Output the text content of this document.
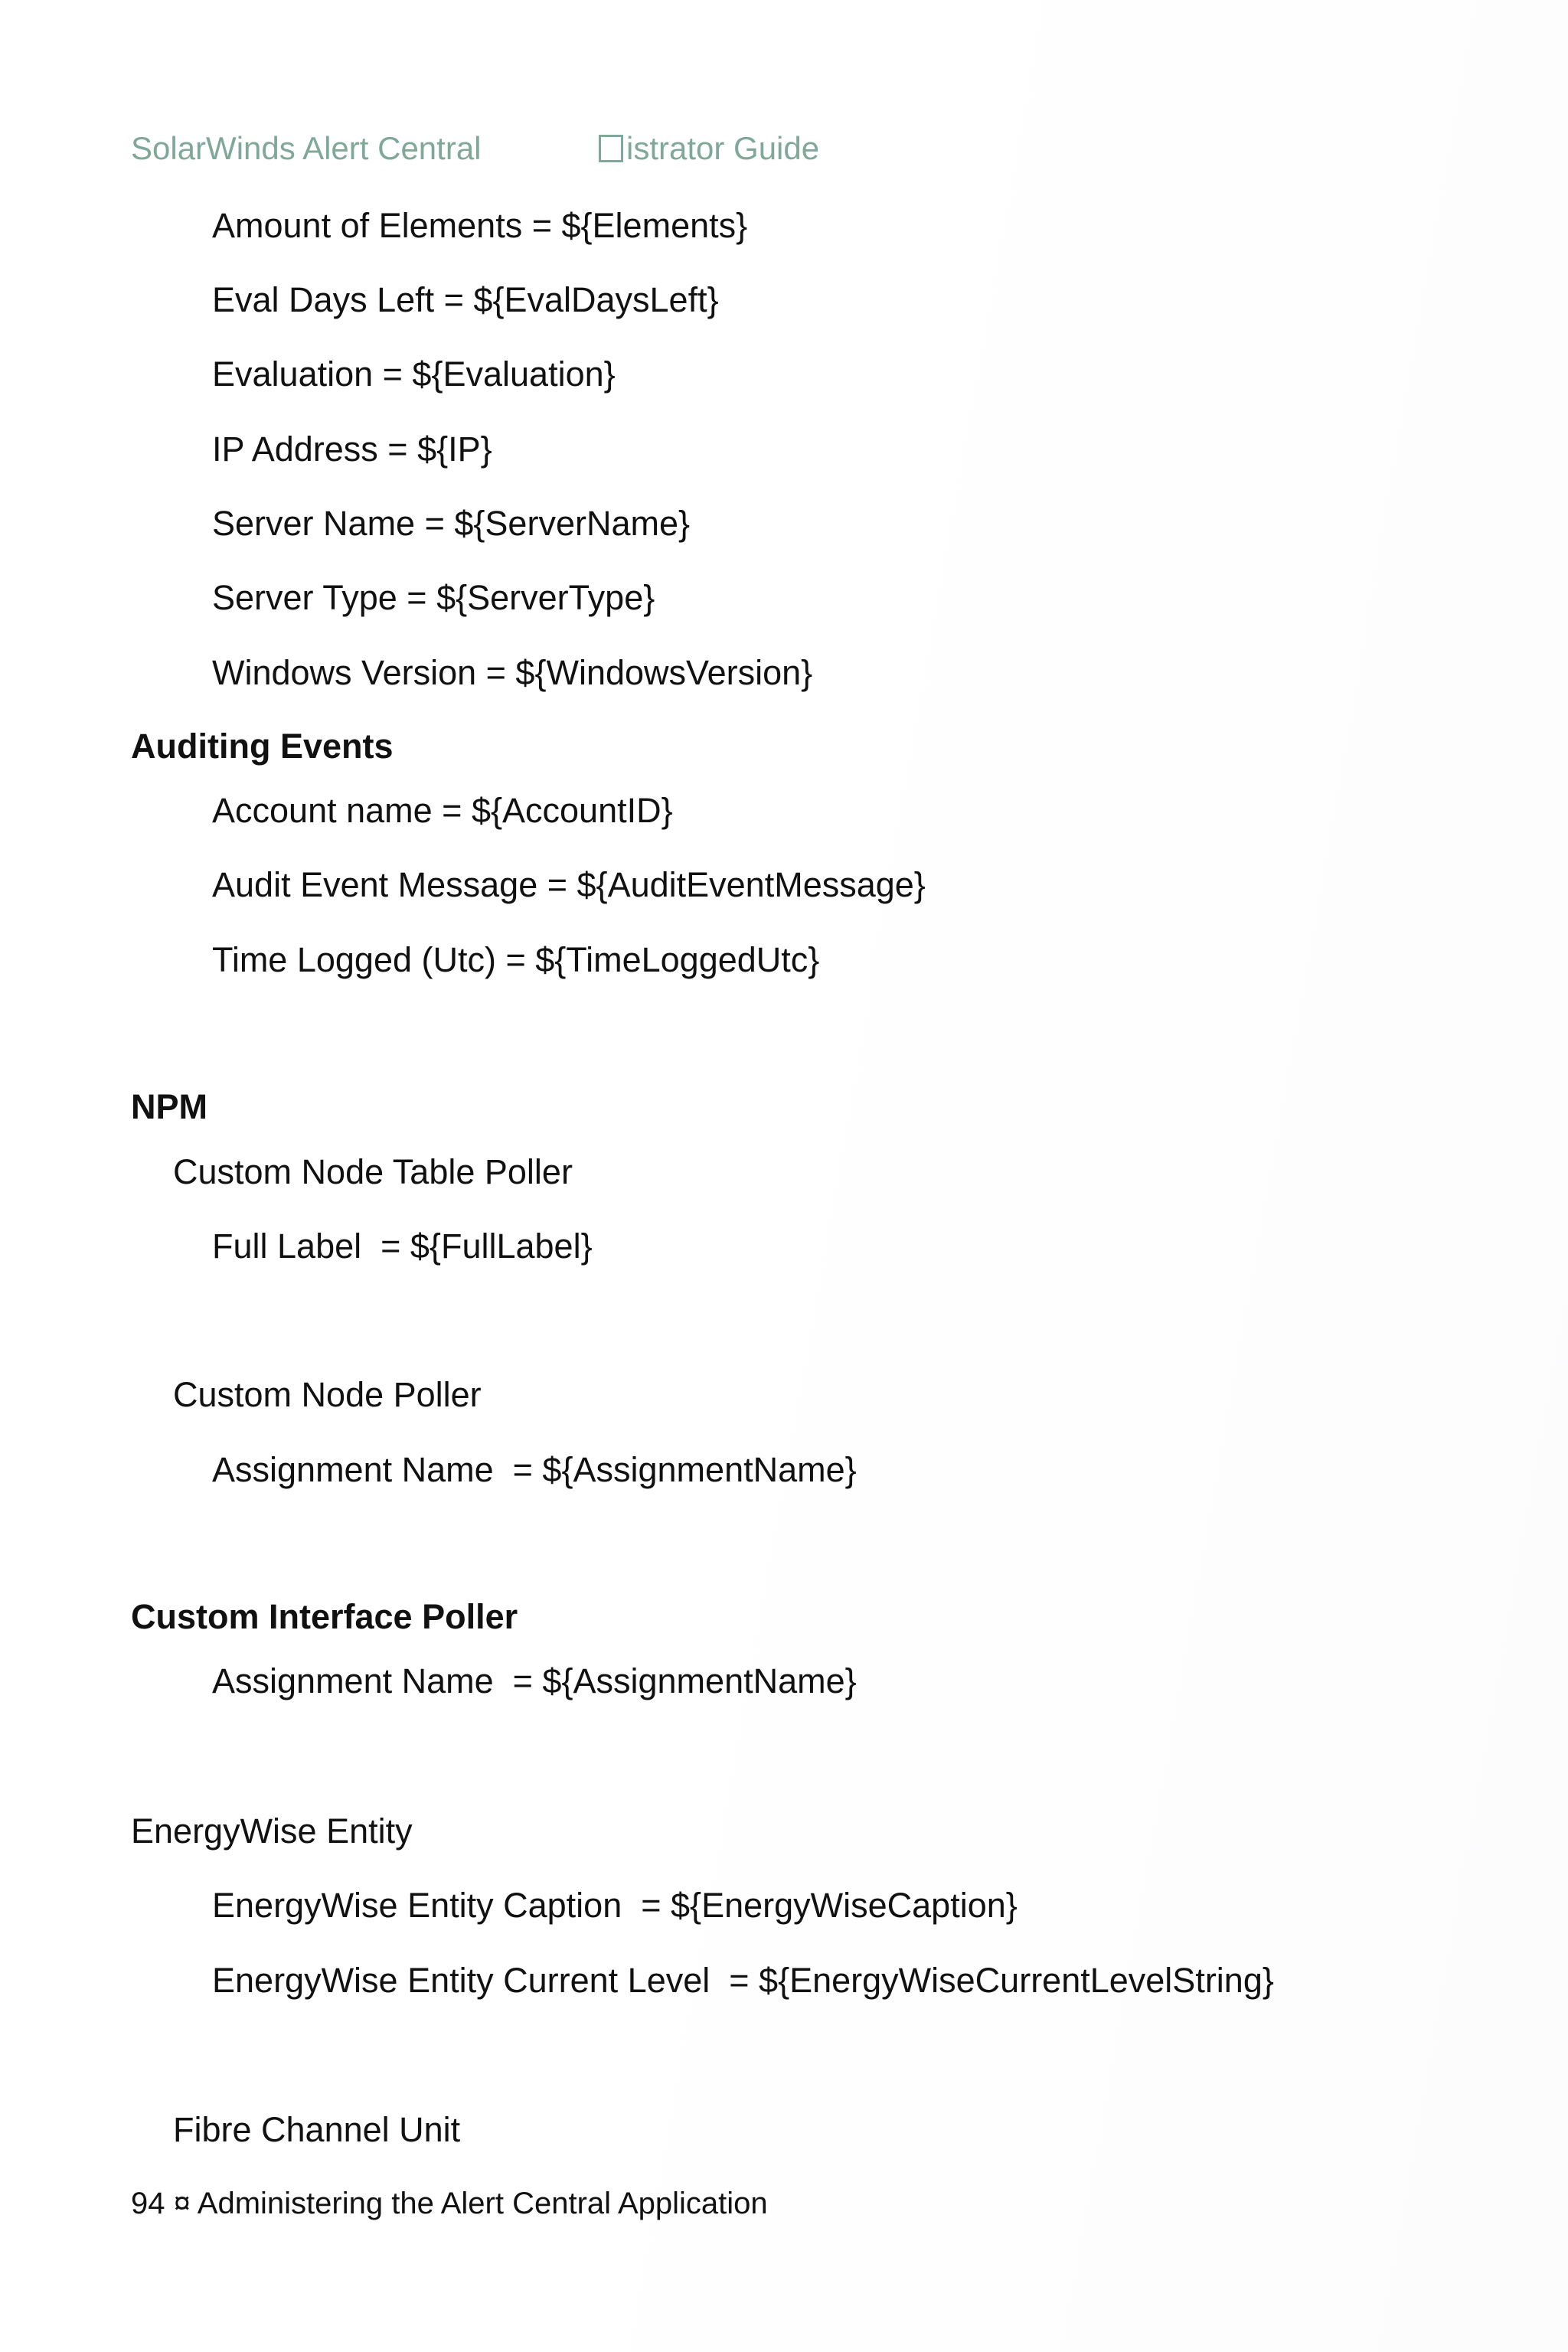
SolarWinds Alert Central	istrator Guide
Amount of Elements = ${Elements}
Eval Days Left = ${EvalDaysLeft}
Evaluation = ${Evaluation}
IP Address = ${IP}
Server Name = ${ServerName}
Server Type = ${ServerType}
Windows Version = ${WindowsVersion}
Auditing Events
Account name = ${AccountID}
Audit Event Message = ${AuditEventMessage}
Time Logged (Utc) = ${TimeLoggedUtc}
NPM
Custom Node Table Poller
Full Label  = ${FullLabel}
Custom Node Poller
Assignment Name  = ${AssignmentName}
Custom Interface Poller
Assignment Name  = ${AssignmentName}
EnergyWise Entity
EnergyWise Entity Caption  = ${EnergyWiseCaption}
EnergyWise Entity Current Level  = ${EnergyWiseCurrentLevelString}
Fibre Channel Unit
94 ¤ Administering the Alert Central Application
